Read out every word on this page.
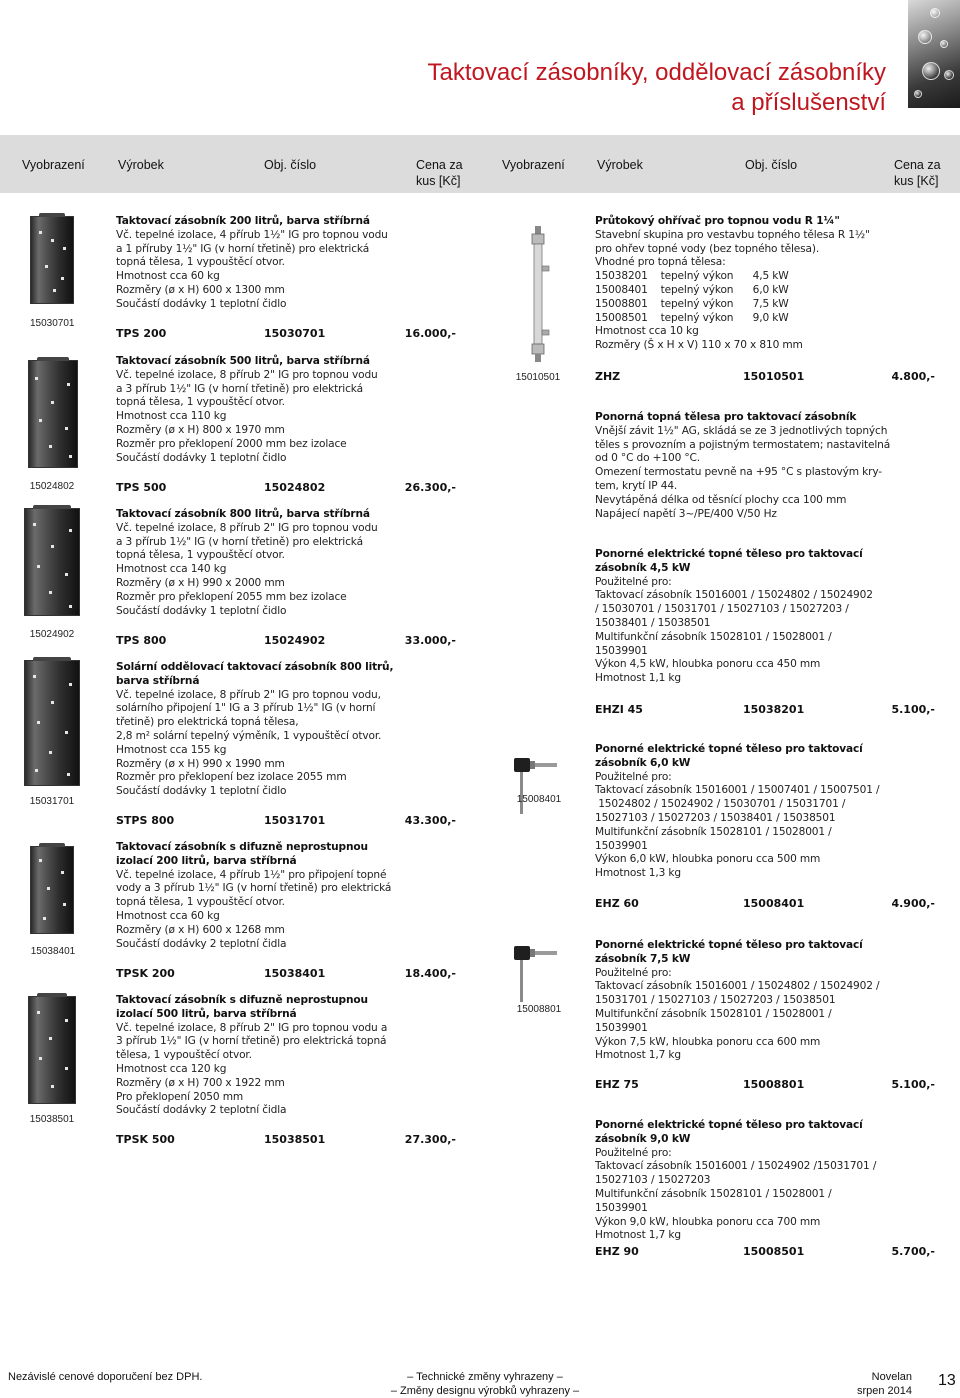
Taktovací zásobníky, oddělovací zásobníky
a příslušenství
Vyobrazení	Výrobek	Obj. číslo	Cena za
kus [Kč]
Vyobrazení	Výrobek	Obj. číslo	Cena za
kus [Kč]
15030701
15024802
15024902
15031701
15038401
15038501
Taktovací zásobník 200 litrů, barva stříbrná
Vč. tepelné izolace, 4 přírub 1½" IG pro topnou vodu
a 1 příruby 1½" IG (v horní třetině) pro elektrická
topná tělesa, 1 vypouštěcí otvor.
Hmotnost cca 60 kg
Rozměry (ø x H) 600 x 1300 mm
Součástí dodávky 1 teplotní čidlo
TPS 200	15030701	16.000,-
Taktovací zásobník 500 litrů, barva stříbrná
Vč. tepelné izolace, 8 přírub 2" IG pro topnou vodu
a 3 přírub 1½" IG (v horní třetině) pro elektrická
topná tělesa, 1 vypouštěcí otvor.
Hmotnost cca 110 kg
Rozměry (ø x H) 800 x 1970 mm
Rozměr pro překlopení 2000 mm bez izolace
Součástí dodávky 1 teplotní čidlo
TPS 500	15024802	26.300,-
Taktovací zásobník 800 litrů, barva stříbrná
Vč. tepelné izolace, 8 přírub 2" IG pro topnou vodu
a 3 přírub 1½" IG (v horní třetině) pro elektrická
topná tělesa, 1 vypouštěcí otvor.
Hmotnost cca 140 kg
Rozměry (ø x H) 990 x 2000 mm
Rozměr pro překlopení 2055 mm bez izolace
Součástí dodávky 1 teplotní čidlo
TPS 800	15024902	33.000,-
Solární oddělovací taktovací zásobník 800 litrů,
barva stříbrná
Vč. tepelné izolace, 8 přírub 2" IG pro topnou vodu,
solárního připojení 1" IG a 3 přírub 1½" IG (v horní
třetině) pro elektrická topná tělesa,
2,8 m² solární tepelný výměník, 1 vypouštěcí otvor.
Hmotnost cca 155 kg
Rozměry (ø x H) 990 x 1990 mm
Rozměr pro překlopení bez izolace 2055 mm
Součástí dodávky 1 teplotní čidlo
STPS 800	15031701	43.300,-
Taktovací zásobník s difuzně neprostupnou
izolací 200 litrů, barva stříbrná
Vč. tepelné izolace, 4 přírub 1½" pro připojení topné
vody a 3 přírub 1½" IG (v horní třetině) pro elektrická
topná tělesa, 1 vypouštěcí otvor.
Hmotnost cca 60 kg
Rozměry (ø x H) 600 x 1268 mm
Součástí dodávky 2 teplotní čidla
TPSK 200	15038401	18.400,-
Taktovací zásobník s difuzně neprostupnou
izolací 500 litrů, barva stříbrná
Vč. tepelné izolace, 8 přírub 2" IG pro topnou vodu a
3 přírub 1½" IG (v horní třetině) pro elektrická topná
tělesa, 1 vypouštěcí otvor.
Hmotnost cca 120 kg
Rozměry (ø x H) 700 x 1922 mm
Pro překlopení 2050 mm
Součástí dodávky 2 teplotní čidla
TPSK 500	15038501	27.300,-
15010501
15008401
15008801
Průtokový ohřívač pro topnou vodu R 1¼"
Stavební skupina pro vestavbu topného tělesa R 1½"
pro ohřev topné vody (bez topného tělesa).
Vhodné pro topná tělesa:
15038201    tepelný výkon      4,5 kW
15008401    tepelný výkon      6,0 kW
15008801    tepelný výkon      7,5 kW
15008501    tepelný výkon      9,0 kW
Hmotnost cca 10 kg
Rozměry (Š x H x V) 110 x 70 x 810 mm
ZHZ	15010501	4.800,-
Ponorná topná tělesa pro taktovací zásobník
Vnější závit 1½" AG, skládá se ze 3 jednotlivých topných
těles s provozním a pojistným termostatem; nastavitelná
od 0 °C do +100 °C.
Omezení termostatu pevně na +95 °C s plastovým kry-
tem, krytí IP 44.
Nevytápěná délka od těsnící plochy cca 100 mm
Napájecí napětí 3~/PE/400 V/50 Hz
Ponorné elektrické topné těleso pro taktovací
zásobník 4,5 kW
Použitelné pro:
Taktovací zásobník 15016001 / 15024802 / 15024902
/ 15030701 / 15031701 / 15027103 / 15027203 /
15038401 / 15038501
Multifunkční zásobník 15028101 / 15028001 /
15039901
Výkon 4,5 kW, hloubka ponoru cca 450 mm
Hmotnost 1,1 kg
EHZI 45	15038201	5.100,-
Ponorné elektrické topné těleso pro taktovací
zásobník 6,0 kW
Použitelné pro:
Taktovací zásobník 15016001 / 15007401 / 15007501 /
15024802 / 15024902 / 15030701 / 15031701 /
15027103 / 15027203 / 15038401 / 15038501
Multifunkční zásobník 15028101 / 15028001 /
15039901
Výkon 6,0 kW, hloubka ponoru cca 500 mm
Hmotnost 1,3 kg
EHZ 60	15008401	4.900,-
Ponorné elektrické topné těleso pro taktovací
zásobník 7,5 kW
Použitelné pro:
Taktovací zásobník 15016001 / 15024802 / 15024902 /
15031701 / 15027103 / 15027203 / 15038501
Multifunkční zásobník 15028101 / 15028001 /
15039901
Výkon 7,5 kW, hloubka ponoru cca 600 mm
Hmotnost 1,7 kg
EHZ 75	15008801	5.100,-
Ponorné elektrické topné těleso pro taktovací
zásobník 9,0 kW
Použitelné pro:
Taktovací zásobník 15016001 / 15024902 /15031701 /
15027103 / 15027203
Multifunkční zásobník 15028101 / 15028001 /
15039901
Výkon 9,0 kW, hloubka ponoru cca 700 mm
Hmotnost 1,7 kg
EHZ 90	15008501	5.700,-
Nezávislé cenové doporučení bez DPH.	– Technické změny vyhrazeny –
– Změny designu výrobků vyhrazeny –
Novelan
srpen 2014
13
